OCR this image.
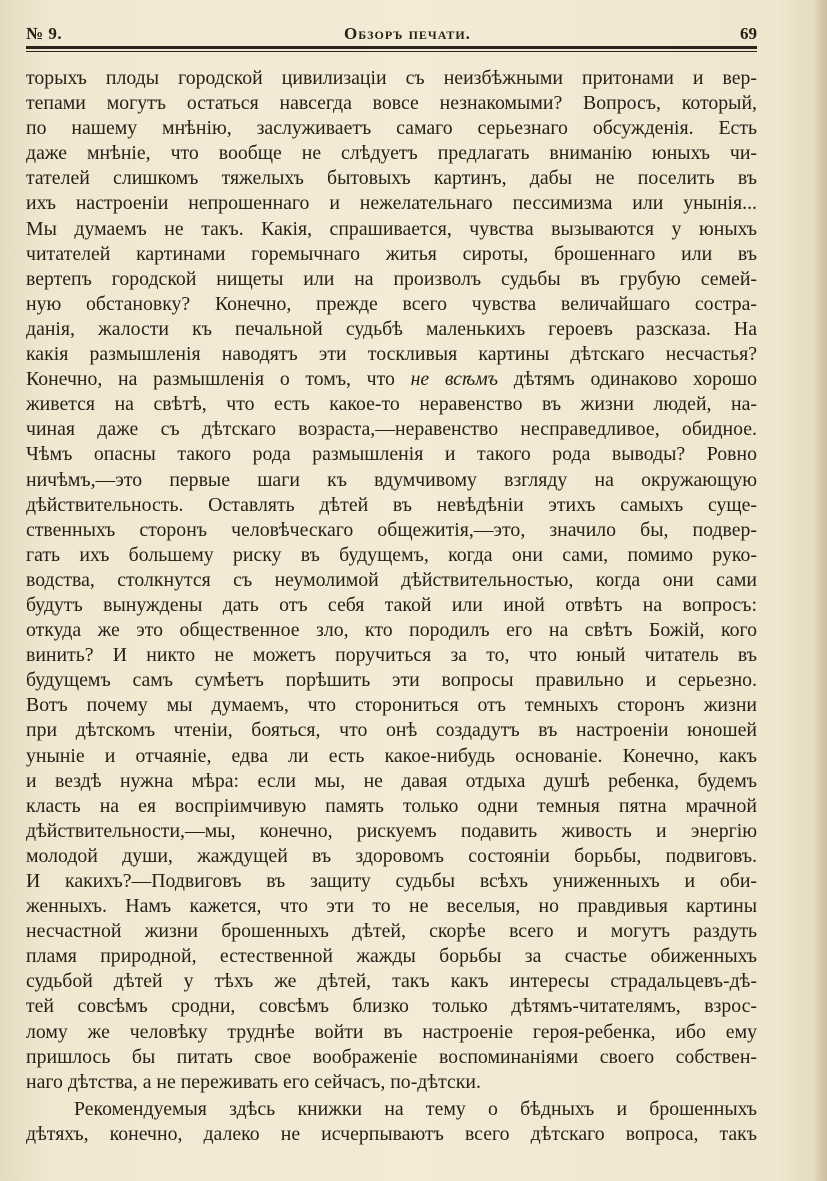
№ 9.	Обзоръ печати.	69
торыхъ плоды городской цивилизаціи съ неизбѣжными притонами и вер-
тепами могутъ остаться навсегда вовсе незнакомыми? Вопросъ, который,
по нашему мнѣнію, заслуживаетъ самаго серьезнаго обсужденія. Есть
даже мнѣніе, что вообще не слѣдуетъ предлагать вниманію юныхъ чи-
тателей слишкомъ тяжелыхъ бытовыхъ картинъ, дабы не поселить въ
ихъ настроеніи непрошеннаго и нежелательнаго пессимизма или унынія...
Мы думаемъ не такъ. Какія, спрашивается, чувства вызываются у юныхъ
читателей картинами горемычнаго житья сироты, брошеннаго или въ
вертепъ городской нищеты или на произволъ судьбы въ грубую семей-
ную обстановку? Конечно, прежде всего чувства величайшаго состра-
данія, жалости къ печальной судьбѣ маленькихъ героевъ разсказа. На
какія размышленія наводятъ эти тоскливыя картины дѣтскаго несчастья?
Конечно, на размышленія о томъ, что не всѣмъ дѣтямъ одинаково хорошо
живется на свѣтѣ, что есть какое-то неравенство въ жизни людей, на-
чиная даже съ дѣтскаго возраста,—неравенство несправедливое, обидное.
Чѣмъ опасны такого рода размышленія и такого рода выводы? Ровно
ничѣмъ,—это первые шаги къ вдумчивому взгляду на окружающую
дѣйствительность. Оставлять дѣтей въ невѣдѣніи этихъ самыхъ суще-
ственныхъ сторонъ человѣческаго общежитія,—это, значило бы, подвер-
гать ихъ большему риску въ будущемъ, когда они сами, помимо руко-
водства, столкнутся съ неумолимой дѣйствительностью, когда они сами
будутъ вынуждены дать отъ себя такой или иной отвѣтъ на вопросъ:
откуда же это общественное зло, кто породилъ его на свѣтъ Божій, кого
винить? И никто не можетъ поручиться за то, что юный читатель въ
будущемъ самъ сумѣетъ порѣшить эти вопросы правильно и серьезно.
Вотъ почему мы думаемъ, что сторониться отъ темныхъ сторонъ жизни
при дѣтскомъ чтеніи, бояться, что онѣ создадутъ въ настроеніи юношей
уныніе и отчаяніе, едва ли есть какое-нибудь основаніе. Конечно, какъ
и вездѣ нужна мѣра: если мы, не давая отдыха душѣ ребенка, будемъ
класть на ея воспріимчивую память только одни темныя пятна мрачной
дѣйствительности,—мы, конечно, рискуемъ подавить живость и энергію
молодой души, жаждущей въ здоровомъ состояніи борьбы, подвиговъ.
И какихъ?—Подвиговъ въ защиту судьбы всѣхъ униженныхъ и оби-
женныхъ. Намъ кажется, что эти то не веселыя, но правдивыя картины
несчастной жизни брошенныхъ дѣтей, скорѣе всего и могутъ раздуть
пламя природной, естественной жажды борьбы за счастье обиженныхъ
судьбой дѣтей у тѣхъ же дѣтей, такъ какъ интересы страдальцевъ-дѣ-
тей совсѣмъ сродни, совсѣмъ близко только дѣтямъ-читателямъ, взрос-
лому же человѣку труднѣе войти въ настроеніе героя-ребенка, ибо ему
пришлось бы питать свое воображеніе воспоминаніями своего собствен-
наго дѣтства, а не переживать его сейчасъ, по-дѣтски.
Рекомендуемыя здѣсь книжки на тему о бѣдныхъ и брошенныхъ
дѣтяхъ, конечно, далеко не исчерпываютъ всего дѣтскаго вопроса, такъ
